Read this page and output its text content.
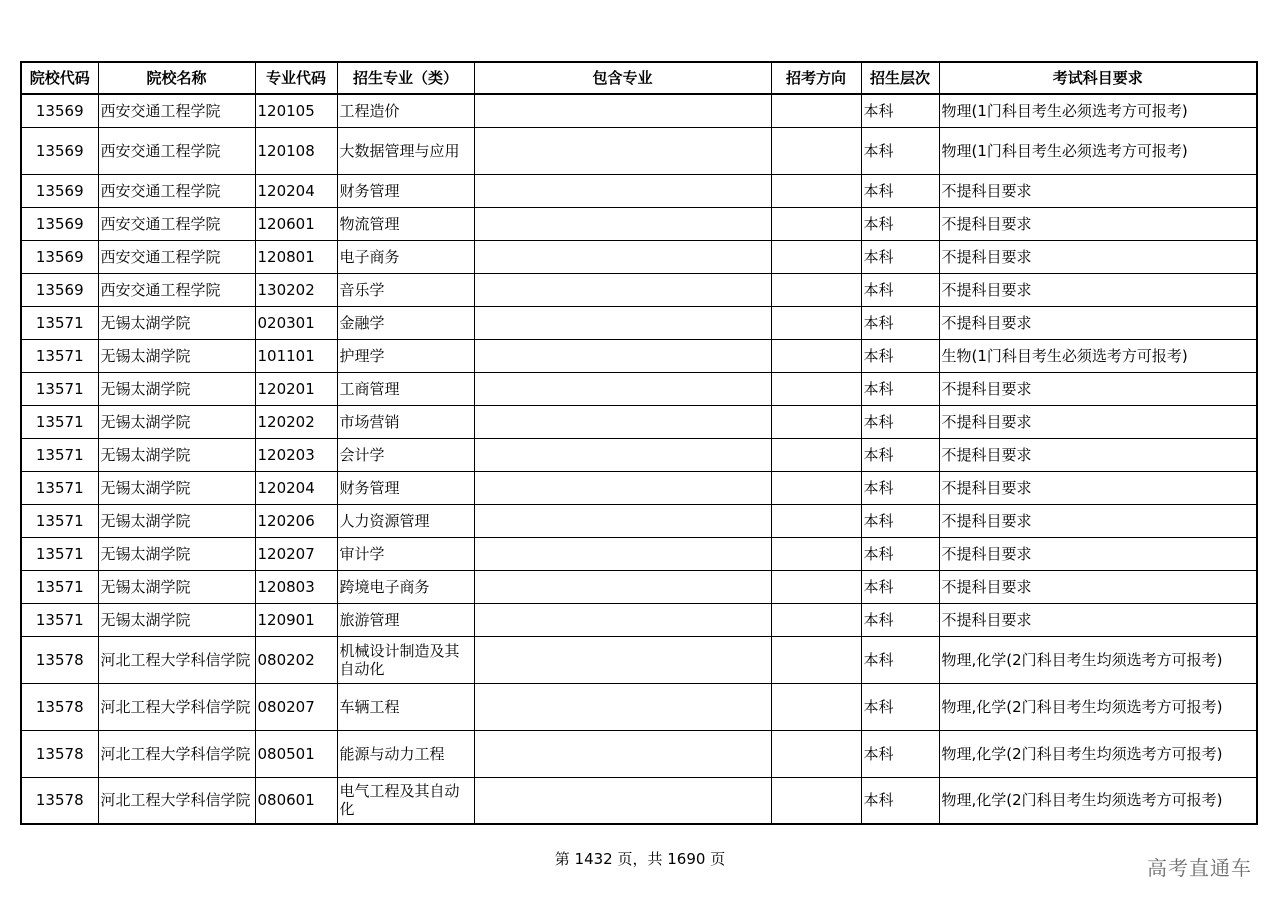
院校代码	院校名称	专业代码	招生专业（类）	包含专业	招考方向	招生层次	考试科目要求
13569	西安交通工程学院	120105	工程造价			本科	物理(1门科目考生必须选考方可报考)
13569	西安交通工程学院	120108	大数据管理与应用			本科	物理(1门科目考生必须选考方可报考)
13569	西安交通工程学院	120204	财务管理			本科	不提科目要求
13569	西安交通工程学院	120601	物流管理			本科	不提科目要求
13569	西安交通工程学院	120801	电子商务			本科	不提科目要求
13569	西安交通工程学院	130202	音乐学			本科	不提科目要求
13571	无锡太湖学院	020301	金融学			本科	不提科目要求
13571	无锡太湖学院	101101	护理学			本科	生物(1门科目考生必须选考方可报考)
13571	无锡太湖学院	120201	工商管理			本科	不提科目要求
13571	无锡太湖学院	120202	市场营销			本科	不提科目要求
13571	无锡太湖学院	120203	会计学			本科	不提科目要求
13571	无锡太湖学院	120204	财务管理			本科	不提科目要求
13571	无锡太湖学院	120206	人力资源管理			本科	不提科目要求
13571	无锡太湖学院	120207	审计学			本科	不提科目要求
13571	无锡太湖学院	120803	跨境电子商务			本科	不提科目要求
13571	无锡太湖学院	120901	旅游管理			本科	不提科目要求
13578	河北工程大学科信学院	080202	机械设计制造及其自动化			本科	物理,化学(2门科目考生均须选考方可报考)
13578	河北工程大学科信学院	080207	车辆工程			本科	物理,化学(2门科目考生均须选考方可报考)
13578	河北工程大学科信学院	080501	能源与动力工程			本科	物理,化学(2门科目考生均须选考方可报考)
13578	河北工程大学科信学院	080601	电气工程及其自动化			本科	物理,化学(2门科目考生均须选考方可报考)
第 1432 页，共 1690 页	高考直通车
